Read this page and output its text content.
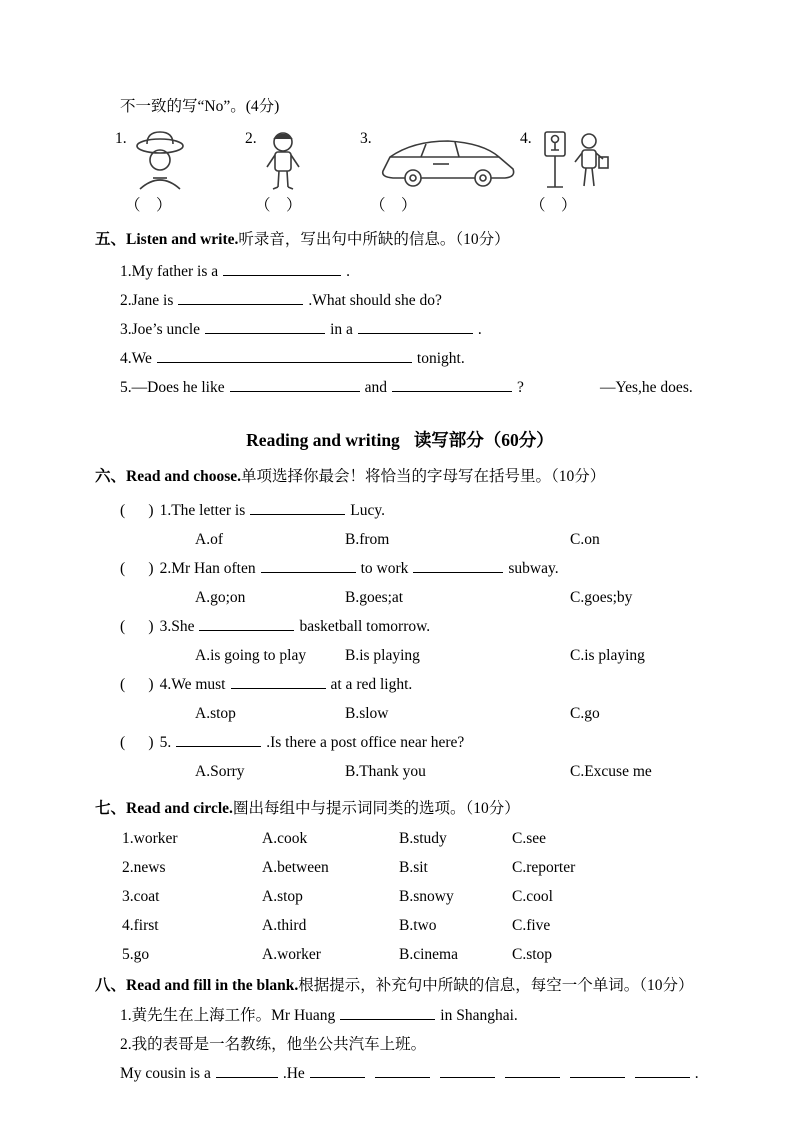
不一致的写“No”。(4分)
1.	2.	3.	4.
（    ）	（    ）	（    ）	（    ）
五、Listen and write.听录音，写出句中所缺的信息。（10分）
1.My father is a	.
2.Jane is	.What should she do?
3.Joe’s uncle	in a	.
4.We	tonight.
5.—Does he like	and	?	—Yes,he does.
Reading and writing 读写部分（60分）
六、Read and choose.单项选择你最会！将恰当的字母写在括号里。（10分）
(      ) 1.The letter is	Lucy.
A.of	B.from	C.on
(      ) 2.Mr Han often	to work	subway.
A.go;on	B.goes;at	C.goes;by
(      ) 3.She	basketball tomorrow.
A.is going to play	B.is playing	C.is playing
(      ) 4.We must	at a red light.
A.stop	B.slow	C.go
(      ) 5.	.Is there a post office near here?
A.Sorry	B.Thank you	C.Excuse me
七、Read and circle.圈出每组中与提示词同类的选项。（10分）
1.worker	A.cook	B.study	C.see
2.news	A.between	B.sit	C.reporter
3.coat	A.stop	B.snowy	C.cool
4.first	A.third	B.two	C.five
5.go	A.worker	B.cinema	C.stop
八、Read and fill in the blank.根据提示，补充句中所缺的信息，每空一个单词。（10分）
1.黄先生在上海工作。Mr Huang	in Shanghai.
2.我的表哥是一名教练，他坐公共汽车上班。
My cousin is a	.He	.
